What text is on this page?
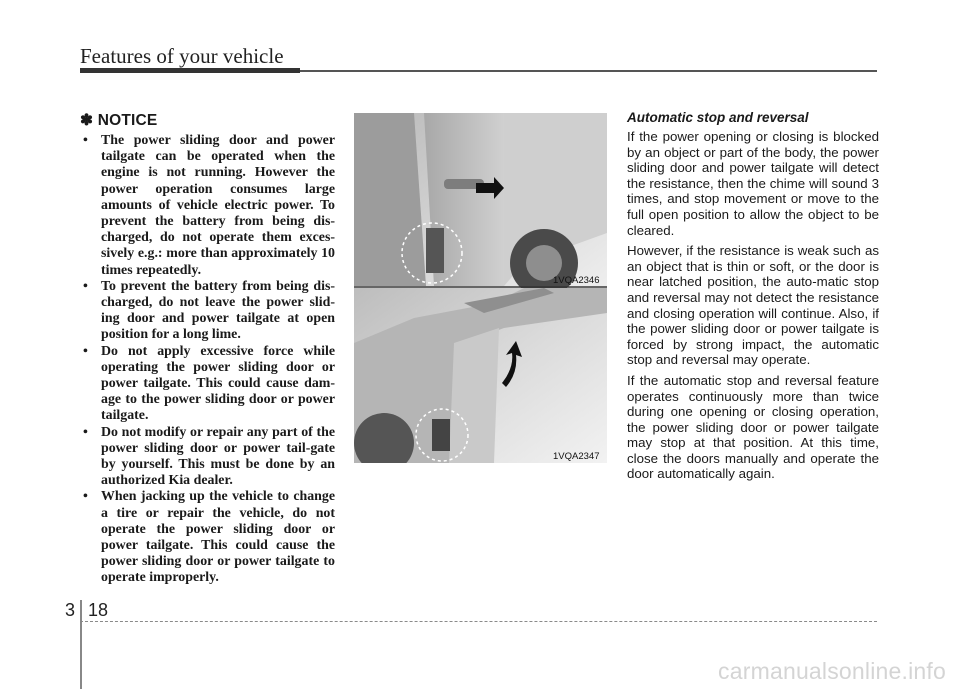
Features of your vehicle
✽ NOTICE
• The power sliding door and power tailgate can be operated when the engine is not running. However the power operation consumes large amounts of vehicle electric power. To prevent the battery from being dis-charged, do not operate them exces-sively e.g.: more than approximately 10 times repeatedly.
• To prevent the battery from being dis-charged, do not leave the power slid-ing door and power tailgate at open position for a long lime.
• Do not apply excessive force while operating the power sliding door or power tailgate. This could cause dam-age to the power sliding door or power tailgate.
• Do not modify or repair any part of the power sliding door or power tail-gate by yourself. This must be done by an authorized Kia dealer.
• When jacking up the vehicle to change a tire or repair the vehicle, do not operate the power sliding door or power tailgate. This could cause the power sliding door or power tailgate to operate improperly.
1VQA2346
1VQA2347
Automatic stop and reversal

If the power opening or closing is blocked by an object or part of the body, the power sliding door and power tailgate will detect the resistance, then the chime will sound 3 times, and stop movement or move to the full open position to allow the object to be cleared.

However, if the resistance is weak such as an object that is thin or soft, or the door is near latched position, the auto-matic stop and reversal may not detect the resistance and closing operation will continue. Also, if the power sliding door or power tailgate is forced by strong impact, the automatic stop and reversal may operate.

If the automatic stop and reversal feature operates continuously more than twice during one opening or closing operation, the power sliding door or power tailgate may stop at that position. At this time, close the doors manually and operate the door automatically again.

3 18
carmanualsonline.info
